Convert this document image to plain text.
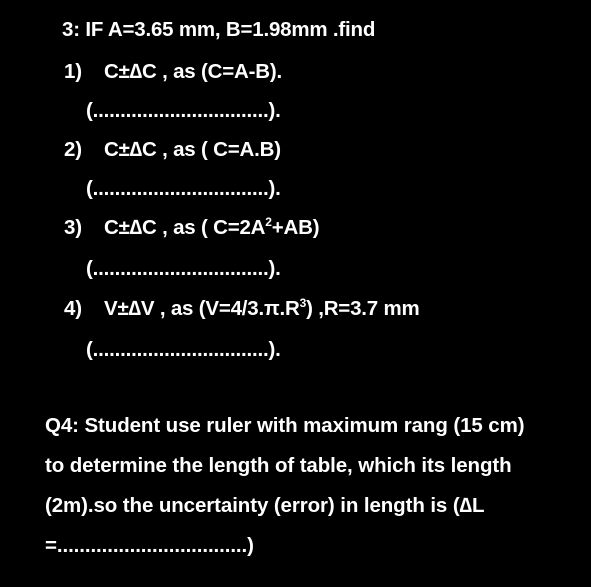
3: IF A=3.65 mm, B=1.98mm .find
1) C±∆C , as (C=A-B).
(................................).
2) C±∆C , as ( C=A.B)
(................................).
3) C±∆C , as ( $C=2A^2+AB$)
(................................).
4) V±∆V , as $(V=4/3.\pi.R^3)$ ,R=3.7 mm
(................................).
Q4: Student use ruler with maximum rang (15 cm)
to determine the length of table, which its length
(2m).so the uncertainty (error) in length is (∆L
=..................................)
